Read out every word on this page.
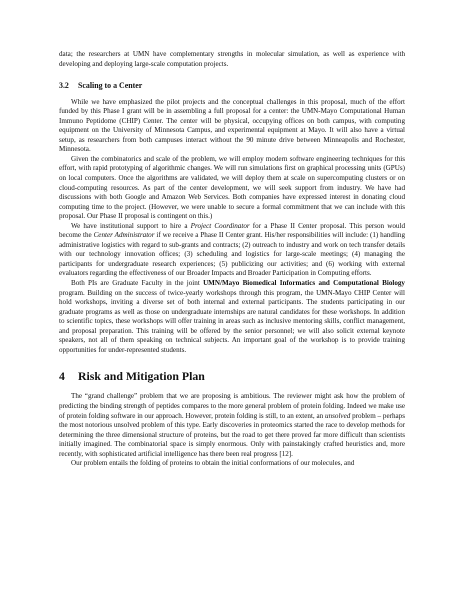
data; the researchers at UMN have complementary strengths in molecular simulation, as well as experience with developing and deploying large-scale computation projects.

3.2 Scaling to a Center

While we have emphasized the pilot projects and the conceptual challenges in this proposal, much of the effort funded by this Phase I grant will be in assembling a full proposal for a center: the UMN-Mayo Computational Human Immuno Peptidome (CHIP) Center. The center will be physical, occupying offices on both campus, with computing equipment on the University of Minnesota Campus, and experimental equipment at Mayo. It will also have a virtual setup, as researchers from both campuses interact without the 90 minute drive between Minneapolis and Rochester, Minnesota.

Given the combinatorics and scale of the problem, we will employ modern software engineering techniques for this effort, with rapid prototyping of algorithmic changes. We will run simulations first on graphical processing units (GPUs) on local computers. Once the algorithms are validated, we will deploy them at scale on supercomputing clusters or on cloud-computing resources. As part of the center development, we will seek support from industry. We have had discussions with both Google and Amazon Web Services. Both companies have expressed interest in donating cloud computing time to the project. (However, we were unable to secure a formal commitment that we can include with this proposal. Our Phase II proposal is contingent on this.)

We have institutional support to hire a Project Coordinator for a Phase II Center proposal. This person would become the Center Administrator if we receive a Phase II Center grant. His/her responsibilities will include: (1) handling administrative logistics with regard to sub-grants and contracts; (2) outreach to industry and work on tech transfer details with our technology innovation offices; (3) scheduling and logistics for large-scale meetings; (4) managing the participants for undergraduate research experiences; (5) publicizing our activities; and (6) working with external evaluators regarding the effectiveness of our Broader Impacts and Broader Participation in Computing efforts.

Both PIs are Graduate Faculty in the joint UMN/Mayo Biomedical Informatics and Computational Biology program. Building on the success of twice-yearly workshops through this program, the UMN-Mayo CHIP Center will hold workshops, inviting a diverse set of both internal and external participants. The students participating in our graduate programs as well as those on undergraduate internships are natural candidates for these workshops. In addition to scientific topics, these workshops will offer training in areas such as inclusive mentoring skills, conflict management, and proposal preparation. This training will be offered by the senior personnel; we will also solicit external keynote speakers, not all of them speaking on technical subjects. An important goal of the workshop is to provide training opportunities for under-represented students.

4 Risk and Mitigation Plan

The “grand challenge” problem that we are proposing is ambitious. The reviewer might ask how the problem of predicting the binding strength of peptides compares to the more general problem of protein folding. Indeed we make use of protein folding software in our approach. However, protein folding is still, to an extent, an unsolved problem – perhaps the most notorious unsolved problem of this type. Early discoveries in proteomics started the race to develop methods for determining the three dimensional structure of proteins, but the road to get there proved far more difficult than scientists initially imagined. The combinatorial space is simply enormous. Only with painstakingly crafted heuristics and, more recently, with sophisticated artificial intelligence has there been real progress [12].

Our problem entails the folding of proteins to obtain the initial conformations of our molecules, and
